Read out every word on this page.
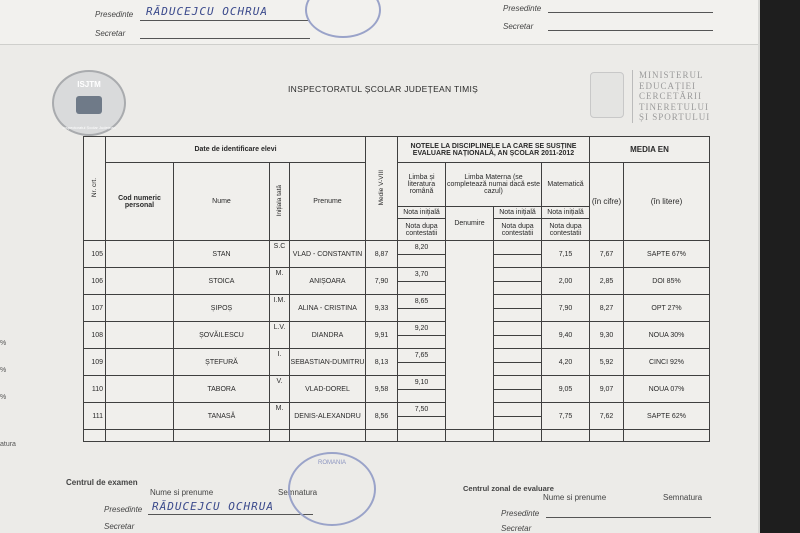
Presedinte RĂDUCEJCU OCHRUA
Secretar
Presedinte
Secretar
%
%
%
atura
ISJTM
Inspectoratul Școlar Județean
INSPECTORATUL ȘCOLAR JUDEȚEAN TIMIȘ
MINISTERUL
EDUCAȚIEI
CERCETĂRII
TINERETULUI
ȘI SPORTULUI
Nr. crt.	Date de identificare elevi				Medie V-VIII	NOTELE LA DISCIPLINELE LA CARE SE SUSȚINE EVALUARE NAȚIONALĂ, AN ȘCOLAR 2011-2012				MEDIA EN	
	Cod numeric personal	Nume	Inițiala tată	Prenume		Limba și literatura română	Limba Materna (se completează numai dacă este cazul)		Matematică	(în cifre)	(în litere)
						Nota inițială	Denumire	Nota inițială	Nota inițială		
						Nota dupa contestatii		Nota dupa contestatii	Nota dupa contestatii		
105		STAN	S.C	VLAD - CONSTANTIN	8,87	8,20			7,15	7,67	SAPTE 67%

106		STOICA	M.	ANIȘOARA	7,90	3,70			2,00	2,85	DOI 85%

107		ȘIPOȘ	I.M.	ALINA - CRISTINA	9,33	8,65			7,90	8,27	OPT 27%

108		ȘOVĂILESCU	L.V.	DIANDRA	9,91	9,20			9,40	9,30	NOUA 30%

109		ȘTEFURĂ	I.	SEBASTIAN-DUMITRU	8,13	7,65			4,20	5,92	CINCI 92%

110		TABORA	V.	VLAD-DOREL	9,58	9,10			9,05	9,07	NOUA 07%

111		TANASĂ	M.	DENIS-ALEXANDRU	8,56	7,50			7,75	7,62	SAPTE 62%

Centrul de examen
Nume si prenume	Semnatura
Presedinte RĂDUCEJCU OCHRUA
Secretar
ROMANIA
Centrul zonal de evaluare
Nume si prenume	Semnatura
Presedinte
Secretar
